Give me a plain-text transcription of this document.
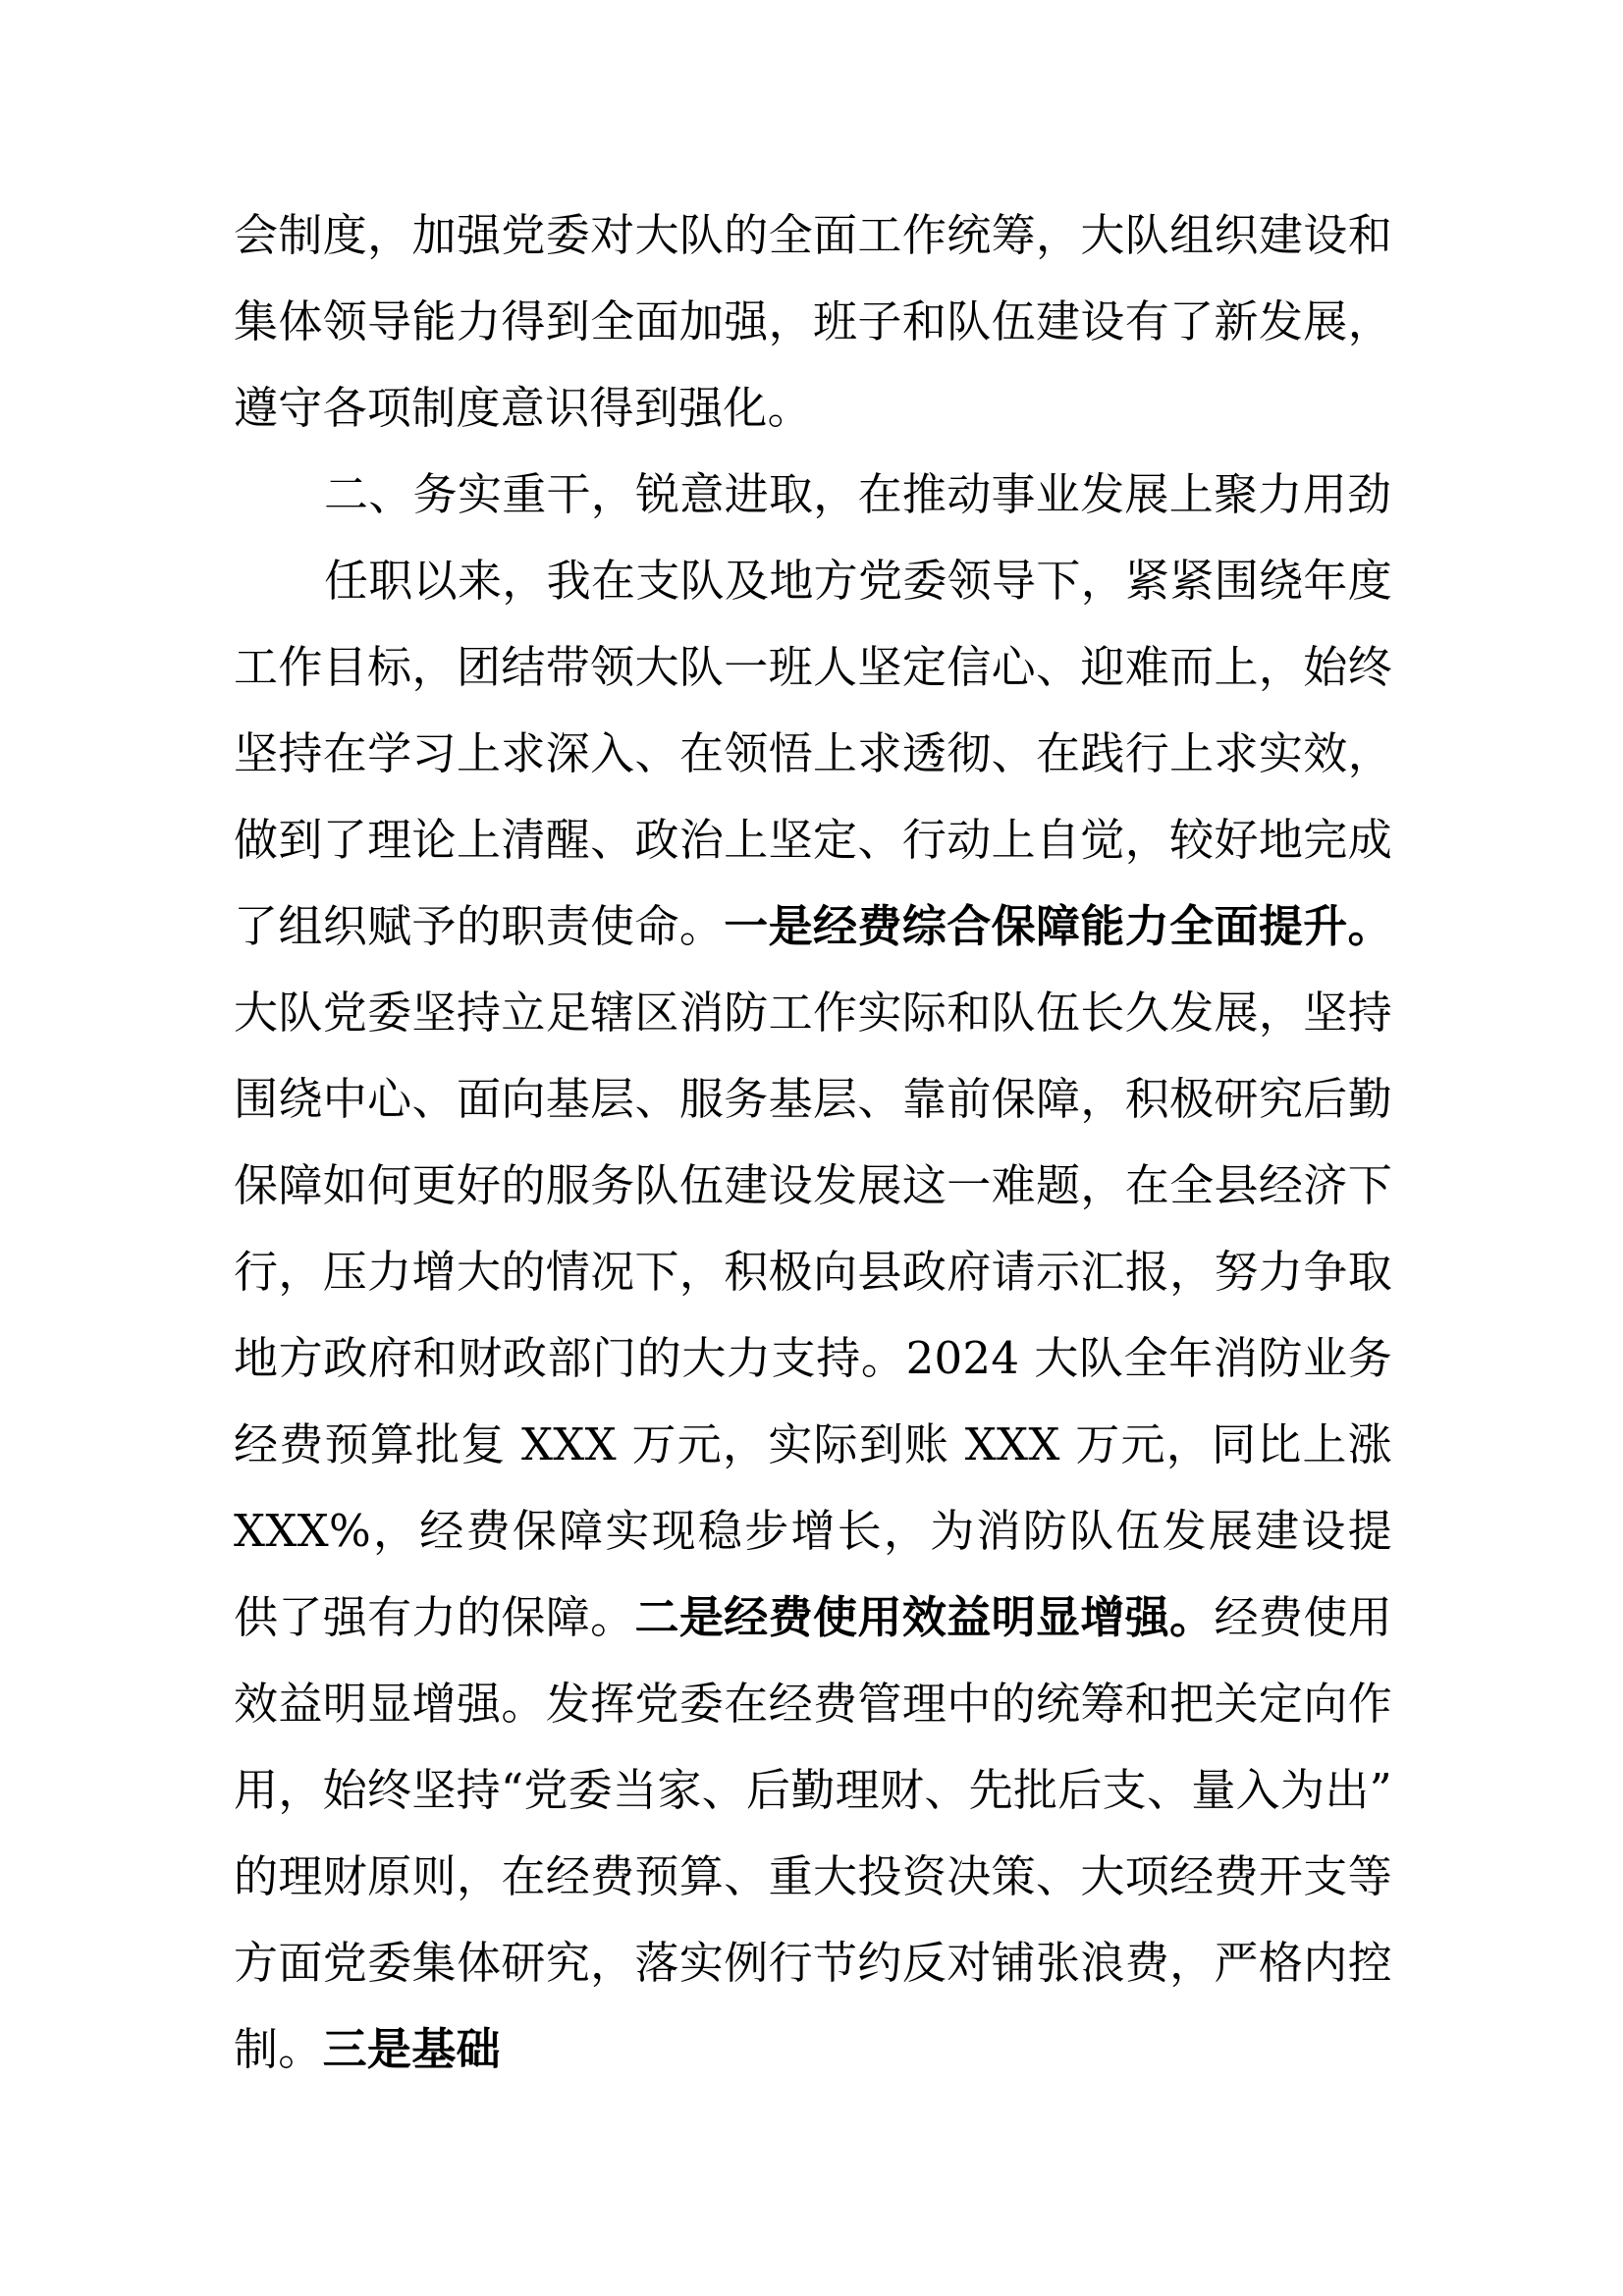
会制度，加强党委对大队的全面工作统筹，大队组织建设和集体领导能力得到全面加强，班子和队伍建设有了新发展，遵守各项制度意识得到强化。

二、务实重干，锐意进取，在推动事业发展上聚力用劲

任职以来，我在支队及地方党委领导下，紧紧围绕年度工作目标，团结带领大队一班人坚定信心、迎难而上，始终坚持在学习上求深入、在领悟上求透彻、在践行上求实效，做到了理论上清醒、政治上坚定、行动上自觉，较好地完成了组织赋予的职责使命。一是经费综合保障能力全面提升。大队党委坚持立足辖区消防工作实际和队伍长久发展，坚持围绕中心、面向基层、服务基层、靠前保障，积极研究后勤保障如何更好的服务队伍建设发展这一难题，在全县经济下行，压力增大的情况下，积极向县政府请示汇报，努力争取地方政府和财政部门的大力支持。2024 大队全年消防业务经费预算批复 XXX 万元，实际到账 XXX 万元，同比上涨 XXX%，经费保障实现稳步增长，为消防队伍发展建设提供了强有力的保障。二是经费使用效益明显增强。经费使用效益明显增强。发挥党委在经费管理中的统筹和把关定向作用，始终坚持“党委当家、后勤理财、先批后支、量入为出”的理财原则，在经费预算、重大投资决策、大项经费开支等方面党委集体研究，落实例行节约反对铺张浪费，严格内控制。三是基础
